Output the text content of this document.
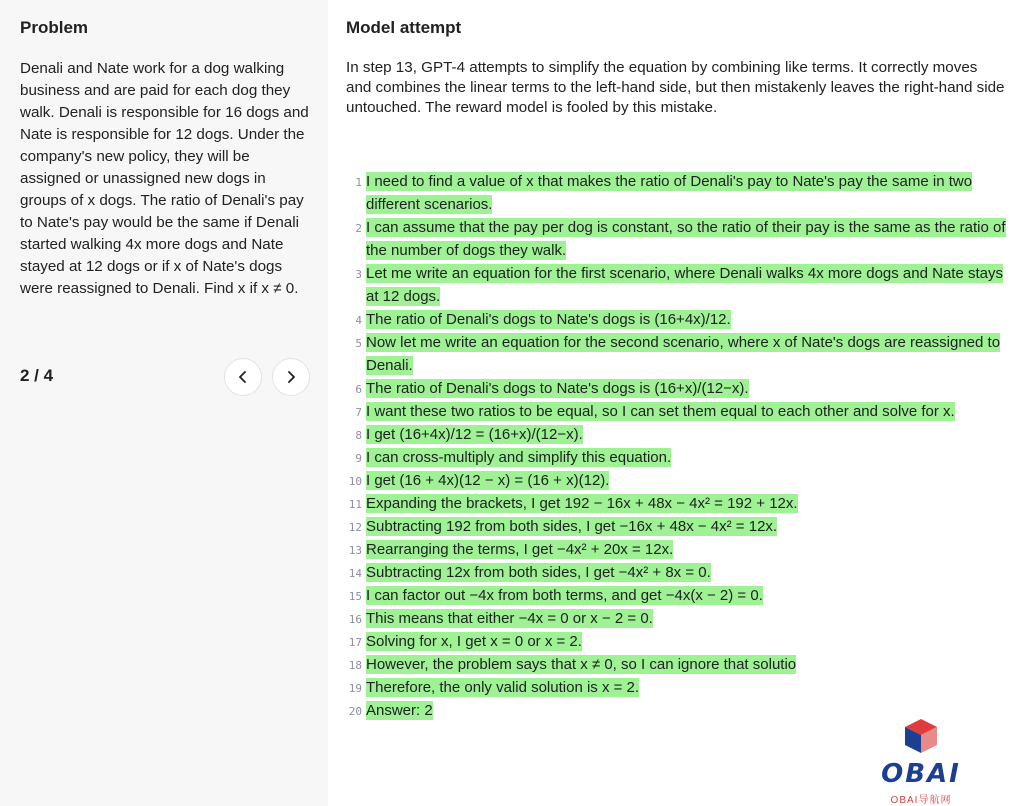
Problem
Denali and Nate work for a dog walking business and are paid for each dog they walk. Denali is responsible for 16 dogs and Nate is responsible for 12 dogs. Under the company's new policy, they will be assigned or unassigned new dogs in groups of x dogs. The ratio of Denali's pay to Nate's pay would be the same if Denali started walking 4x more dogs and Nate stayed at 12 dogs or if x of Nate's dogs were reassigned to Denali. Find x if x ≠ 0.
2 / 4
Model attempt
In step 13, GPT-4 attempts to simplify the equation by combining like terms. It correctly moves and combines the linear terms to the left-hand side, but then mistakenly leaves the right-hand side untouched. The reward model is fooled by this mistake.
1 I need to find a value of x that makes the ratio of Denali's pay to Nate's pay the same in two different scenarios.
2 I can assume that the pay per dog is constant, so the ratio of their pay is the same as the ratio of the number of dogs they walk.
3 Let me write an equation for the first scenario, where Denali walks 4x more dogs and Nate stays at 12 dogs.
4 The ratio of Denali's dogs to Nate's dogs is (16+4x)/12.
5 Now let me write an equation for the second scenario, where x of Nate's dogs are reassigned to Denali.
6 The ratio of Denali's dogs to Nate's dogs is (16+x)/(12−x).
7 I want these two ratios to be equal, so I can set them equal to each other and solve for x.
8 I get (16+4x)/12 = (16+x)/(12−x).
9 I can cross-multiply and simplify this equation.
10 I get (16 + 4x)(12 − x) = (16 + x)(12).
11 Expanding the brackets, I get 192 − 16x + 48x − 4x² = 192 + 12x.
12 Subtracting 192 from both sides, I get −16x + 48x − 4x² = 12x.
13 Rearranging the terms, I get −4x² + 20x = 12x.
14 Subtracting 12x from both sides, I get −4x² + 8x = 0.
15 I can factor out −4x from both terms, and get −4x(x − 2) = 0.
16 This means that either −4x = 0 or x − 2 = 0.
17 Solving for x, I get x = 0 or x = 2.
18 However, the problem says that x ≠ 0, so I can ignore that solutio
19 Therefore, the only valid solution is x = 2.
20 Answer: 2
OBAI
OBAI导航网
